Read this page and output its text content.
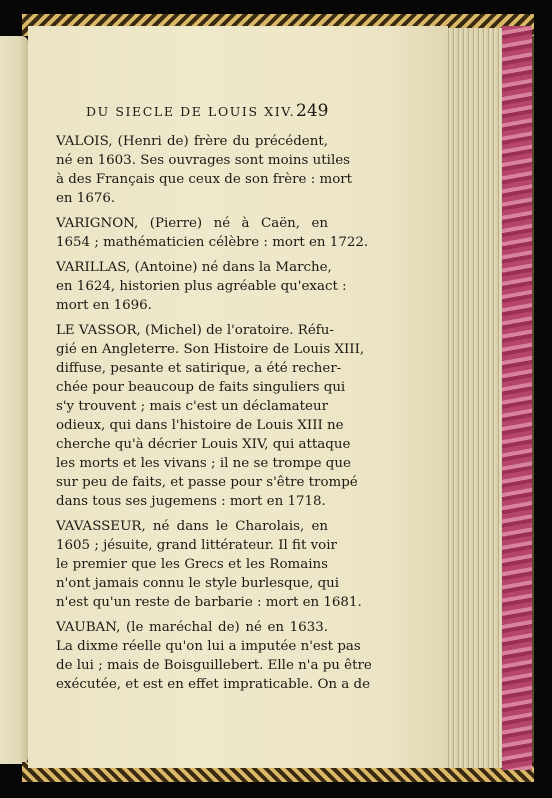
DU SIECLE DE LOUIS XIV. 249
VALOIS, (Henri de) frère du précédent,
né en 1603. Ses ouvrages sont moins utiles
à des Français que ceux de son frère : mort
en 1676.
VARIGNON, (Pierre) né à Caën, en
1654 ; mathématicien célèbre : mort en 1722.
VARILLAS, (Antoine) né dans la Marche,
en 1624, historien plus agréable qu'exact :
mort en 1696.
LE VASSOR, (Michel) de l'oratoire. Réfu-
gié en Angleterre. Son Histoire de Louis XIII,
diffuse, pesante et satirique, a été recher-
chée pour beaucoup de faits singuliers qui
s'y trouvent ; mais c'est un déclamateur
odieux, qui dans l'histoire de Louis XIII ne
cherche qu'à décrier Louis XIV, qui attaque
les morts et les vivans ; il ne se trompe que
sur peu de faits, et passe pour s'être trompé
dans tous ses jugemens : mort en 1718.
VAVASSEUR, né dans le Charolais, en
1605 ; jésuite, grand littérateur. Il fit voir
le premier que les Grecs et les Romains
n'ont jamais connu le style burlesque, qui
n'est qu'un reste de barbarie : mort en 1681.
VAUBAN, (le maréchal de) né en 1633.
La dixme réelle qu'on lui a imputée n'est pas
de lui ; mais de Boisguillebert. Elle n'a pu être
exécutée, et est en effet impraticable. On a de
